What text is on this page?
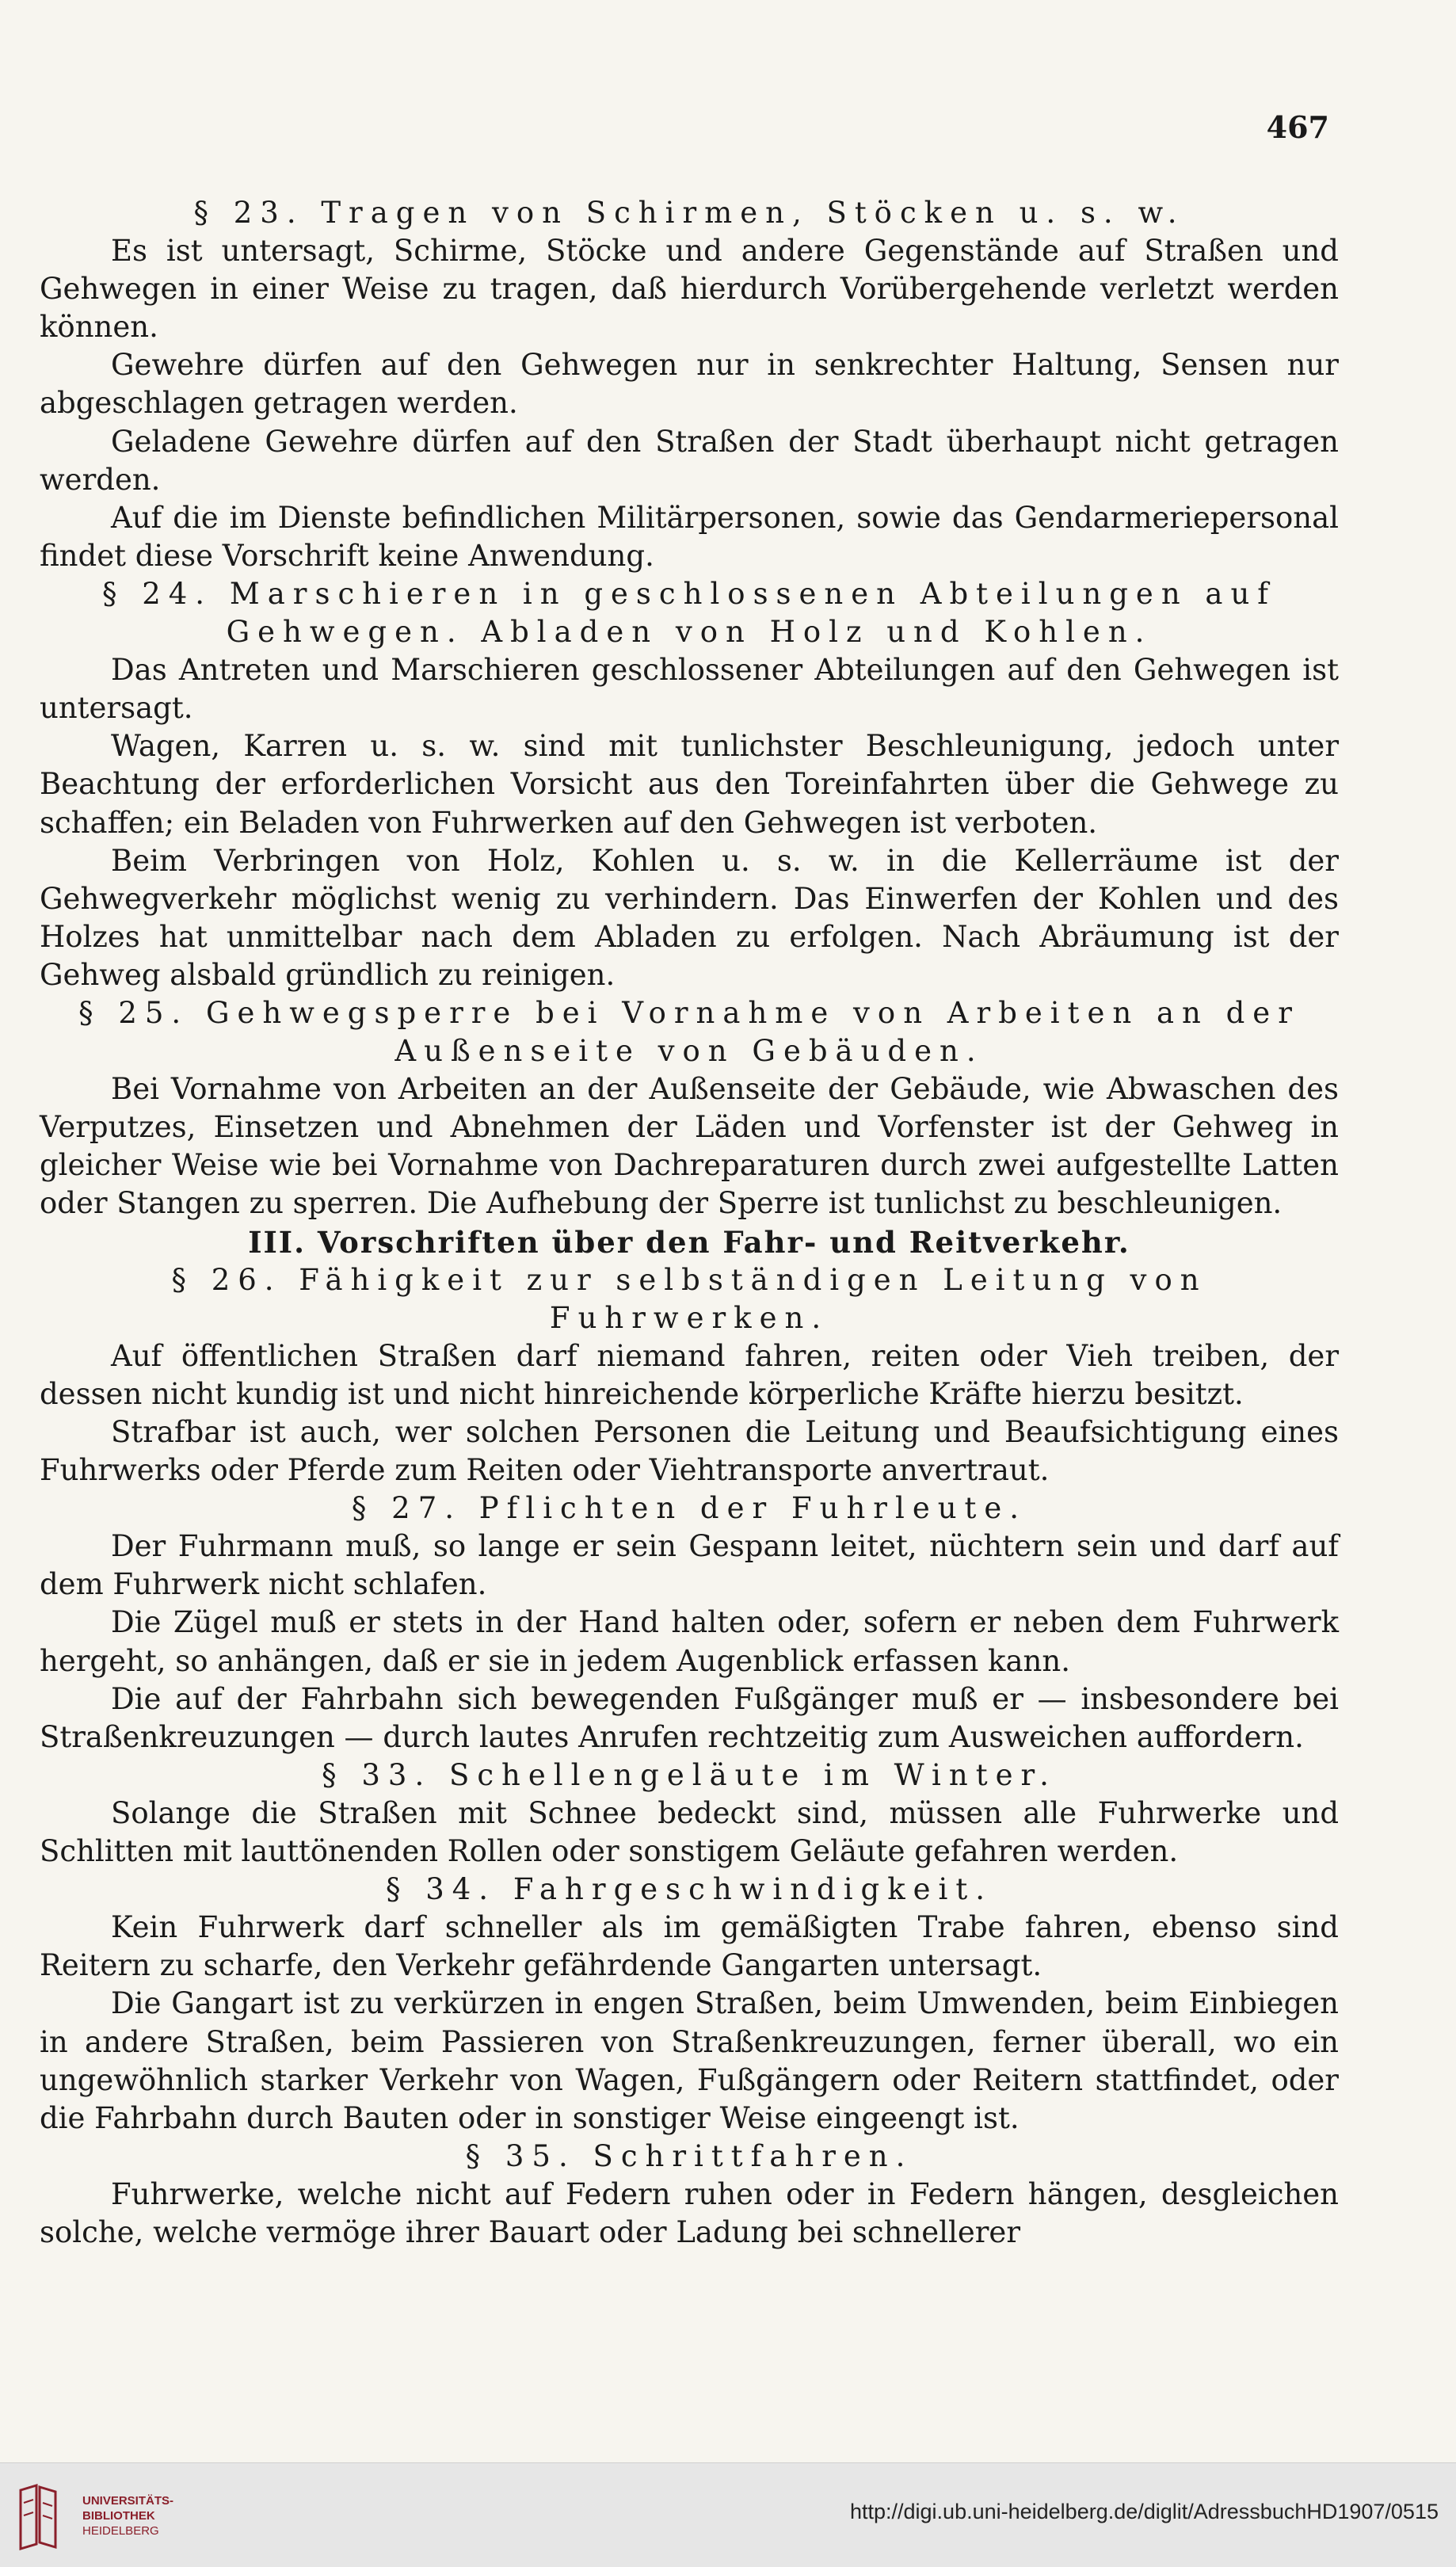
467
§ 23. Tragen von Schirmen, Stöcken u. s. w.

Es ist untersagt, Schirme, Stöcke und andere Gegenstände auf Straßen und Gehwegen in einer Weise zu tragen, daß hierdurch Vorübergehende verletzt werden können.

Gewehre dürfen auf den Gehwegen nur in senkrechter Haltung, Sensen nur abgeschlagen getragen werden.

Geladene Gewehre dürfen auf den Straßen der Stadt überhaupt nicht getragen werden.

Auf die im Dienste befindlichen Militärpersonen, sowie das Gendarmeriepersonal findet diese Vorschrift keine Anwendung.

§ 24. Marschieren in geschlossenen Abteilungen auf Gehwegen. Abladen von Holz und Kohlen.

Das Antreten und Marschieren geschlossener Abteilungen auf den Gehwegen ist untersagt.

Wagen, Karren u. s. w. sind mit tunlichster Beschleunigung, jedoch unter Beachtung der erforderlichen Vorsicht aus den Toreinfahrten über die Gehwege zu schaffen; ein Beladen von Fuhrwerken auf den Gehwegen ist verboten.

Beim Verbringen von Holz, Kohlen u. s. w. in die Kellerräume ist der Gehwegverkehr möglichst wenig zu verhindern. Das Einwerfen der Kohlen und des Holzes hat unmittelbar nach dem Abladen zu erfolgen. Nach Abräumung ist der Gehweg alsbald gründlich zu reinigen.

§ 25. Gehwegsperre bei Vornahme von Arbeiten an der Außenseite von Gebäuden.

Bei Vornahme von Arbeiten an der Außenseite der Gebäude, wie Abwaschen des Verputzes, Einsetzen und Abnehmen der Läden und Vorfenster ist der Gehweg in gleicher Weise wie bei Vornahme von Dachreparaturen durch zwei aufgestellte Latten oder Stangen zu sperren. Die Aufhebung der Sperre ist tunlichst zu beschleunigen.

III. Vorschriften über den Fahr- und Reitverkehr.
§ 26. Fähigkeit zur selbständigen Leitung von Fuhrwerken.

Auf öffentlichen Straßen darf niemand fahren, reiten oder Vieh treiben, der dessen nicht kundig ist und nicht hinreichende körperliche Kräfte hierzu besitzt.

Strafbar ist auch, wer solchen Personen die Leitung und Beaufsichtigung eines Fuhrwerks oder Pferde zum Reiten oder Viehtransporte anvertraut.

§ 27. Pflichten der Fuhrleute.

Der Fuhrmann muß, so lange er sein Gespann leitet, nüchtern sein und darf auf dem Fuhrwerk nicht schlafen.

Die Zügel muß er stets in der Hand halten oder, sofern er neben dem Fuhrwerk hergeht, so anhängen, daß er sie in jedem Augenblick erfassen kann.

Die auf der Fahrbahn sich bewegenden Fußgänger muß er — insbesondere bei Straßenkreuzungen — durch lautes Anrufen rechtzeitig zum Ausweichen auffordern.

§ 33. Schellengeläute im Winter.

Solange die Straßen mit Schnee bedeckt sind, müssen alle Fuhrwerke und Schlitten mit lauttönenden Rollen oder sonstigem Geläute gefahren werden.

§ 34. Fahrgeschwindigkeit.

Kein Fuhrwerk darf schneller als im gemäßigten Trabe fahren, ebenso sind Reitern zu scharfe, den Verkehr gefährdende Gangarten untersagt.

Die Gangart ist zu verkürzen in engen Straßen, beim Umwenden, beim Einbiegen in andere Straßen, beim Passieren von Straßenkreuzungen, ferner überall, wo ein ungewöhnlich starker Verkehr von Wagen, Fußgängern oder Reitern stattfindet, oder die Fahrbahn durch Bauten oder in sonstiger Weise eingeengt ist.

§ 35. Schrittfahren.

Fuhrwerke, welche nicht auf Federn ruhen oder in Federn hängen, desgleichen solche, welche vermöge ihrer Bauart oder Ladung bei schnellerer

UNIVERSITÄTS-
BIBLIOTHEK
HEIDELBERG
http://digi.ub.uni-heidelberg.de/diglit/AdressbuchHD1907/0515
